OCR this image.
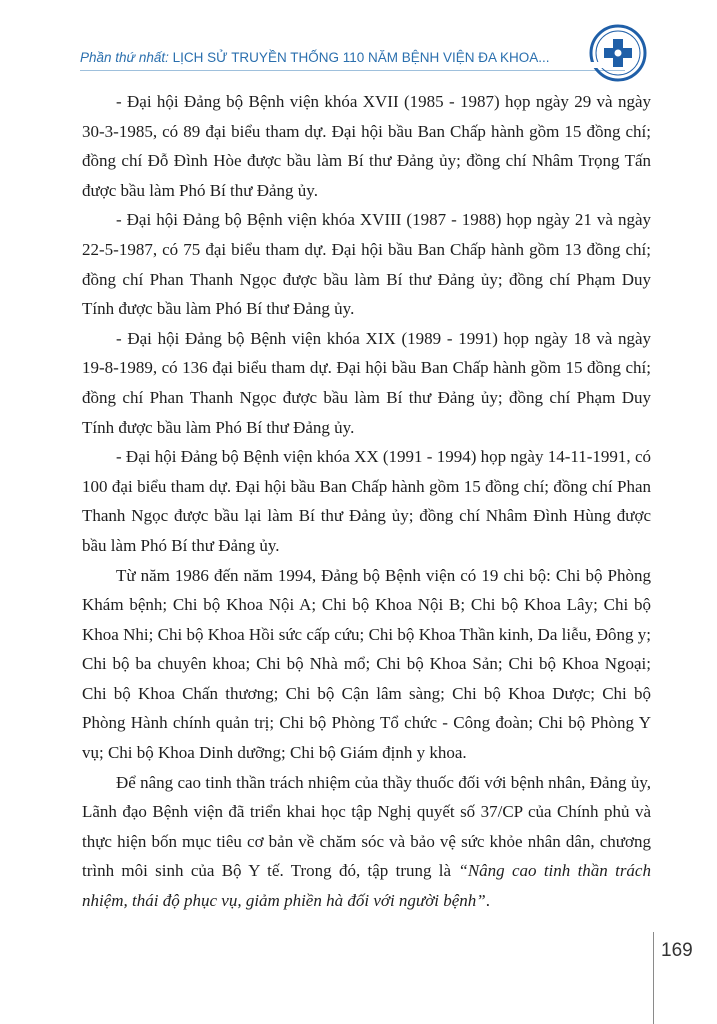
Phần thứ nhất: LỊCH SỬ TRUYỀN THỐNG 110 NĂM BỆNH VIỆN ĐA KHOA...

- Đại hội Đảng bộ Bệnh viện khóa XVII (1985 - 1987) họp ngày 29 và ngày 30-3-1985, có 89 đại biểu tham dự. Đại hội bầu Ban Chấp hành gồm 15 đồng chí; đồng chí Đỗ Đình Hòe được bầu làm Bí thư Đảng ủy; đồng chí Nhâm Trọng Tấn được bầu làm Phó Bí thư Đảng ủy.

- Đại hội Đảng bộ Bệnh viện khóa XVIII (1987 - 1988) họp ngày 21 và ngày 22-5-1987, có 75 đại biểu tham dự. Đại hội bầu Ban Chấp hành gồm 13 đồng chí; đồng chí Phan Thanh Ngọc được bầu làm Bí thư Đảng ủy; đồng chí Phạm Duy Tính được bầu làm Phó Bí thư Đảng ủy.

- Đại hội Đảng bộ Bệnh viện khóa XIX (1989 - 1991) họp ngày 18 và ngày 19-8-1989, có 136 đại biểu tham dự. Đại hội bầu Ban Chấp hành gồm 15 đồng chí; đồng chí Phan Thanh Ngọc được bầu làm Bí thư Đảng ủy; đồng chí Phạm Duy Tính được bầu làm Phó Bí thư Đảng ủy.

- Đại hội Đảng bộ Bệnh viện khóa XX (1991 - 1994) họp ngày 14-11-1991, có 100 đại biểu tham dự. Đại hội bầu Ban Chấp hành gồm 15 đồng chí; đồng chí Phan Thanh Ngọc được bầu lại làm Bí thư Đảng ủy; đồng chí Nhâm Đình Hùng được bầu làm Phó Bí thư Đảng ủy.

Từ năm 1986 đến năm 1994, Đảng bộ Bệnh viện có 19 chi bộ: Chi bộ Phòng Khám bệnh; Chi bộ Khoa Nội A; Chi bộ Khoa Nội B; Chi bộ Khoa Lây; Chi bộ Khoa Nhi; Chi bộ Khoa Hồi sức cấp cứu; Chi bộ Khoa Thần kinh, Da liễu, Đông y; Chi bộ ba chuyên khoa; Chi bộ Nhà mổ; Chi bộ Khoa Sản; Chi bộ Khoa Ngoại; Chi bộ Khoa Chấn thương; Chi bộ Cận lâm sàng; Chi bộ Khoa Dược; Chi bộ Phòng Hành chính quản trị; Chi bộ Phòng Tổ chức - Công đoàn; Chi bộ Phòng Y vụ; Chi bộ Khoa Dinh dưỡng; Chi bộ Giám định y khoa.

Để nâng cao tinh thần trách nhiệm của thầy thuốc đối với bệnh nhân, Đảng ủy, Lãnh đạo Bệnh viện đã triển khai học tập Nghị quyết số 37/CP của Chính phủ và thực hiện bốn mục tiêu cơ bản về chăm sóc và bảo vệ sức khỏe nhân dân, chương trình môi sinh của Bộ Y tế. Trong đó, tập trung là “Nâng cao tinh thần trách nhiệm, thái độ phục vụ, giảm phiền hà đối với người bệnh”.

169
